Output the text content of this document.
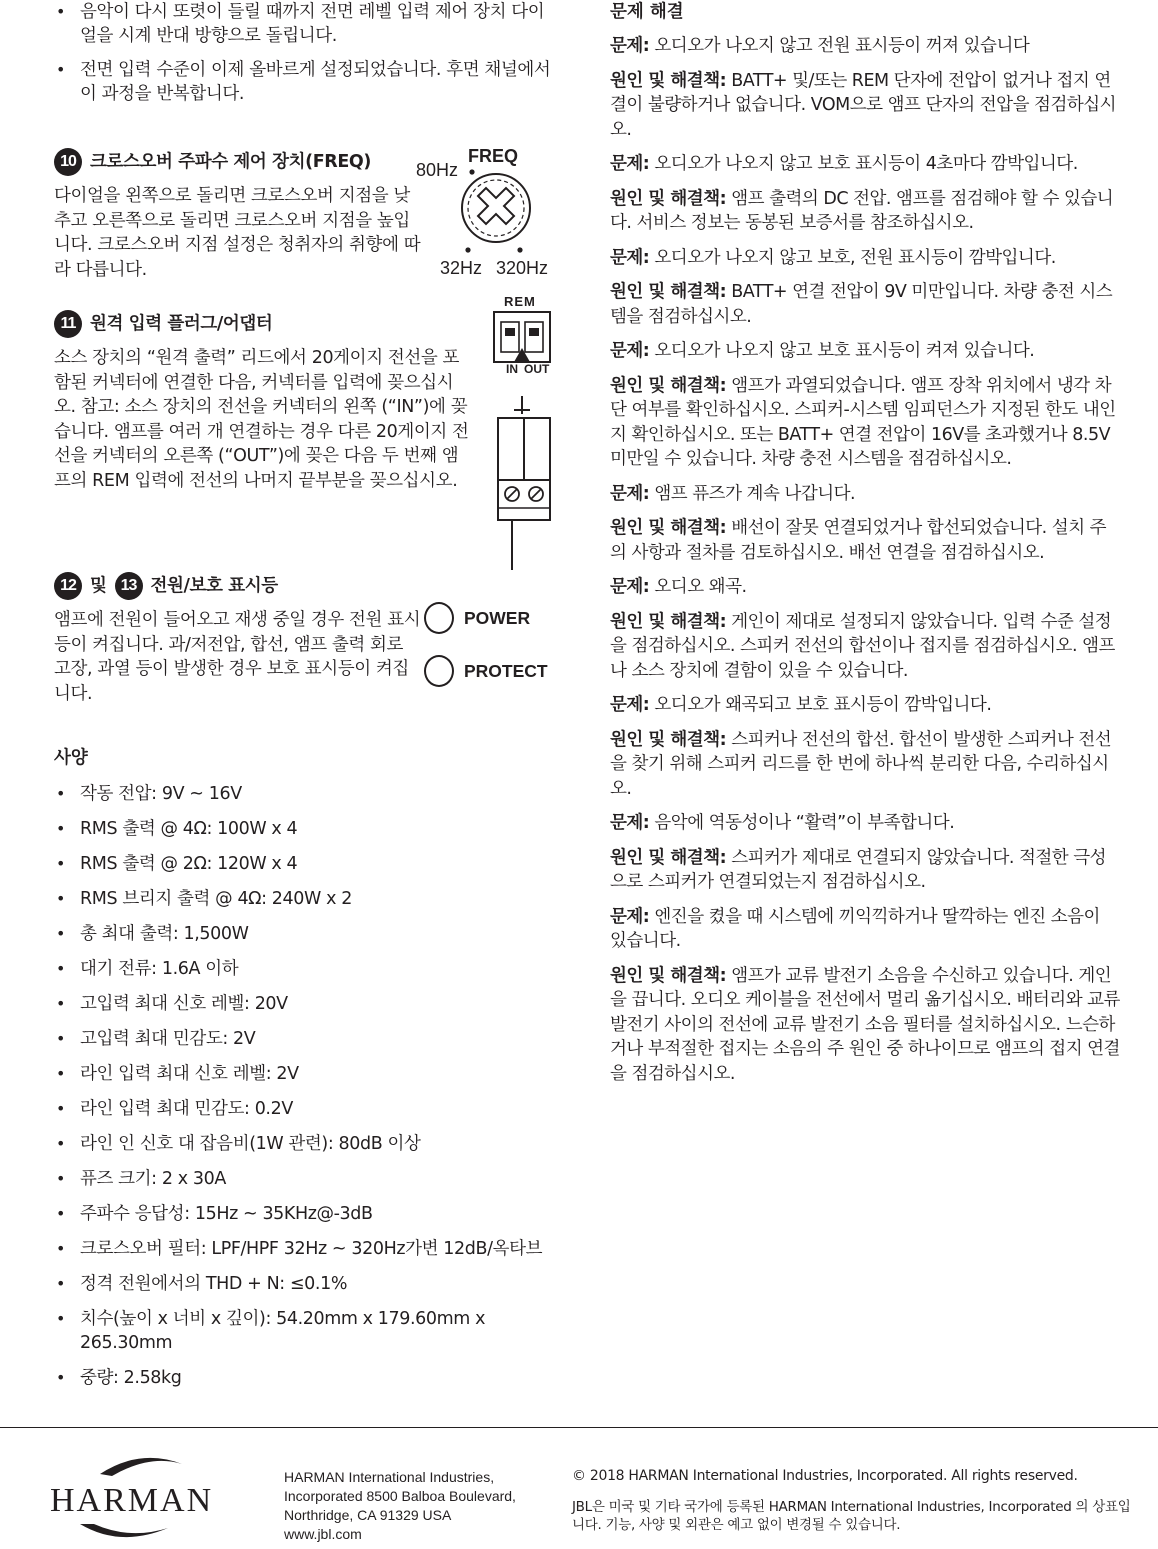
• 음악이 다시 또렷이 들릴 때까지 전면 레벨 입력 제어 장치 다이얼을 시계 반대 방향으로 돌립니다.
• 전면 입력 수준이 이제 올바르게 설정되었습니다. 후면 채널에서 이 과정을 반복합니다.
10 크로스오버 주파수 제어 장치(FREQ)

다이얼을 왼쪽으로 돌리면 크로스오버 지점을 낮추고 오른쪽으로 돌리면 크로스오버 지점을 높입니다. 크로스오버 지점 설정은 청취자의 취향에 따라 다릅니다.

11 원격 입력 플러그/어댑터

소스 장치의 “원격 출력” 리드에서 20게이지 전선을 포함된 커넥터에 연결한 다음, 커넥터를 입력에 꽂으십시오. 참고: 소스 장치의 전선을 커넥터의 왼쪽 (“IN”)에 꽂습니다. 앰프를 여러 개 연결하는 경우 다른 20게이지 전선을 커넥터의 오른쪽 (“OUT”)에 꽂은 다음 두 번째 앰프의 REM 입력에 전선의 나머지 끝부분을 꽂으십시오.

12 및 13 전원/보호 표시등

앰프에 전원이 들어오고 재생 중일 경우 전원 표시등이 켜집니다. 과/저전압, 합선, 앰프 출력 회로 고장, 과열 등이 발생한 경우 보호 표시등이 켜집니다.

사양
• 작동 전압: 9V ~ 16V
• RMS 출력 @ 4Ω: 100W x 4
• RMS 출력 @ 2Ω: 120W x 4
• RMS 브리지 출력 @ 4Ω: 240W x 2
• 총 최대 출력: 1,500W
• 대기 전류: 1.6A 이하
• 고입력 최대 신호 레벨: 20V
• 고입력 최대 민감도: 2V
• 라인 입력 최대 신호 레벨: 2V
• 라인 입력 최대 민감도: 0.2V
• 라인 인 신호 대 잡음비(1W 관련): 80dB 이상
• 퓨즈 크기: 2 x 30A
• 주파수 응답성: 15Hz ~ 35KHz@-3dB
• 크로스오버 필터: LPF/HPF 32Hz ~ 320Hz가변 12dB/옥타브
• 정격 전원에서의 THD + N: ≤0.1%
• 치수(높이 x 너비 x 깊이): 54.20mm x 179.60mm x 265.30mm
• 중량: 2.58kg
FREQ
80Hz
32Hz 320Hz
REM
IN OUT
POWER
PROTECT
문제 해결

문제: 오디오가 나오지 않고 전원 표시등이 꺼져 있습니다

원인 및 해결책: BATT+ 및/또는 REM 단자에 전압이 없거나 접지 연결이 불량하거나 없습니다. VOM으로 앰프 단자의 전압을 점검하십시오.

문제: 오디오가 나오지 않고 보호 표시등이 4초마다 깜박입니다.

원인 및 해결책: 앰프 출력의 DC 전압. 앰프를 점검해야 할 수 있습니다. 서비스 정보는 동봉된 보증서를 참조하십시오.

문제: 오디오가 나오지 않고 보호, 전원 표시등이 깜박입니다.

원인 및 해결책: BATT+ 연결 전압이 9V 미만입니다. 차량 충전 시스템을 점검하십시오.

문제: 오디오가 나오지 않고 보호 표시등이 켜져 있습니다.

원인 및 해결책: 앰프가 과열되었습니다. 앰프 장착 위치에서 냉각 차단 여부를 확인하십시오. 스피커-시스템 임피던스가 지정된 한도 내인지 확인하십시오. 또는 BATT+ 연결 전압이 16V를 초과했거나 8.5V 미만일 수 있습니다. 차량 충전 시스템을 점검하십시오.

문제: 앰프 퓨즈가 계속 나갑니다.

원인 및 해결책: 배선이 잘못 연결되었거나 합선되었습니다. 설치 주의 사항과 절차를 검토하십시오. 배선 연결을 점검하십시오.

문제: 오디오 왜곡.

원인 및 해결책: 게인이 제대로 설정되지 않았습니다. 입력 수준 설정을 점검하십시오. 스피커 전선의 합선이나 접지를 점검하십시오. 앰프나 소스 장치에 결함이 있을 수 있습니다.

문제: 오디오가 왜곡되고 보호 표시등이 깜박입니다.

원인 및 해결책: 스피커나 전선의 합선. 합선이 발생한 스피커나 전선을 찾기 위해 스피커 리드를 한 번에 하나씩 분리한 다음, 수리하십시오.

문제: 음악에 역동성이나 “활력”이 부족합니다.

원인 및 해결책: 스피커가 제대로 연결되지 않았습니다. 적절한 극성으로 스피커가 연결되었는지 점검하십시오.

문제: 엔진을 켰을 때 시스템에 끼익끽하거나 딸깍하는 엔진 소음이 있습니다.

원인 및 해결책: 앰프가 교류 발전기 소음을 수신하고 있습니다. 게인을 끕니다. 오디오 케이블을 전선에서 멀리 옮기십시오. 배터리와 교류 발전기 사이의 전선에 교류 발전기 소음 필터를 설치하십시오. 느슨하거나 부적절한 접지는 소음의 주 원인 중 하나이므로 앰프의 접지 연결을 점검하십시오.

HARMAN
HARMAN International Industries,
Incorporated 8500 Balboa Boulevard,
Northridge, CA 91329 USA
www.jbl.com
© 2018 HARMAN International Industries, Incorporated. All rights reserved.
JBL은 미국 및 기타 국가에 등록된 HARMAN International Industries, Incorporated 의 상표입니다. 기능, 사양 및 외관은 예고 없이 변경될 수 있습니다.
